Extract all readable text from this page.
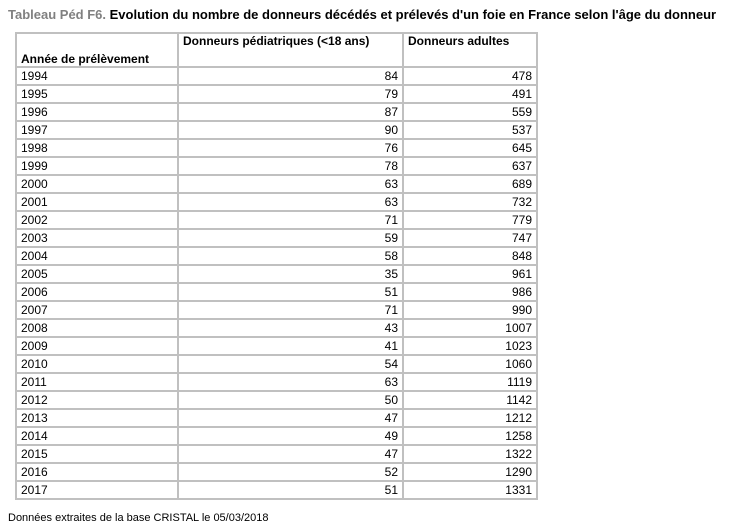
Tableau Péd F6. Evolution du nombre de donneurs décédés et prélevés d'un foie en France selon l'âge du donneur
Année de prélèvement	Donneurs pédiatriques (<18 ans)	Donneurs adultes
1994	84	478
1995	79	491
1996	87	559
1997	90	537
1998	76	645
1999	78	637
2000	63	689
2001	63	732
2002	71	779
2003	59	747
2004	58	848
2005	35	961
2006	51	986
2007	71	990
2008	43	1007
2009	41	1023
2010	54	1060
2011	63	1119
2012	50	1142
2013	47	1212
2014	49	1258
2015	47	1322
2016	52	1290
2017	51	1331
Données extraites de la base CRISTAL le 05/03/2018
